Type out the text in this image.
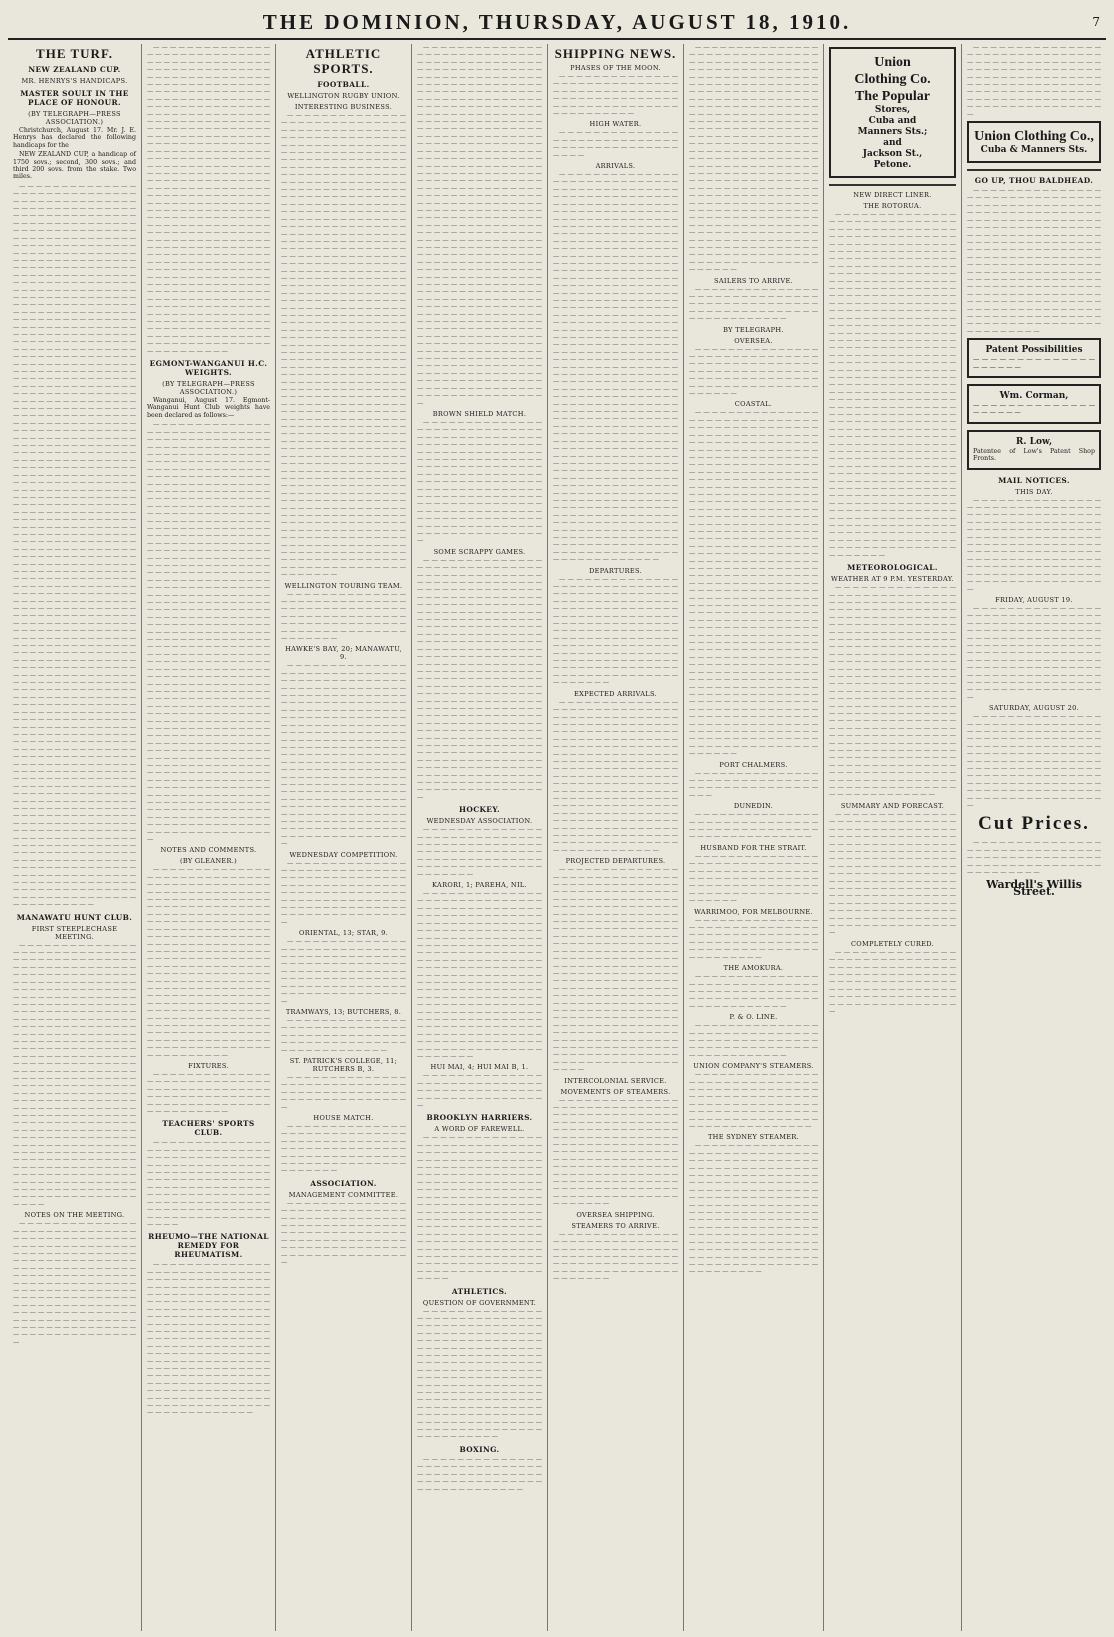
THE DOMINION, THURSDAY, AUGUST 18, 1910.	7
THE TURF.
NEW ZEALAND CUP.
MR. HENRYS'S HANDICAPS.
MASTER SOULT IN THE PLACE OF HONOUR.
(BY TELEGRAPH—PRESS ASSOCIATION.)
Christchurch, August 17. Mr. J. E. Henrys has declared the following handicaps for the
NEW ZEALAND CUP, a handicap of 1750 sovs.; second, 300 sovs.; and third 200 sovs. from the stake. Two miles.
— — — — — — — — — — — — — — — — — — — — — — — — — — — — — — — — — — — — — — — — — — — — — — — — — — — — — — — — — — — — — — — — — — — — — — — — — — — — — — — — — — — — — — — — — — — — — — — — — — — — — — — — — — — — — — — — — — — — — — — — — — — — — — — — — — — — — — — — — — — — — — — — — — — — — — — — — — — — — — — — — — — — — — — — — — — — — — — — — — — — — — — — — — — — — — — — — — — — — — — — — — — — — — — — — — — — — — — — — — — — — — — — — — — — — — — — — — — — — — — — — — — — — — — — — — — — — — — — — — — — — — — — — — — — — — — — — — — — — — — — — — — — — — — — — — — — — — — — — — — — — — — — — — — — — — — — — — — — — — — — — — — — — — — — — — — — — — — — — — — — — — — — — — — — — — — — — — — — — — — — — — — — — — — — — — — — — — — — — — — — — — — — — — — — — — — — — — — — — — — — — — — — — — — — — — — — — — — — — — — — — — — — — — — — — — — — — — — — — — — — — — — — — — — — — — — — — — — — — — — — — — — — — — — — — — — — — — — — — — — — — — — — — — — — — — — — — — — — — — — — — — — — — — — — — — — — — — — — — — — — — — — — — — — — — — — — — — — — — — — — — — — — — — — — — — — — — — — — — — — — — — — — — — — — — — — — — — — — — — — — — — — — — — — — — — — — — — — — — — — — — — — — — — — — — — — — — — — — — — — — — — — — — — — — — — — — — — — — — — — — — — — — — — — — — — — — — — — — — — — — — — — — — — — — — — — — — — — — — — — — — — — — — — — — — — — — — — — — — — — — — — — — — — — — — — — — — — — — — — — — — — — — — — — — — — — — — — — — — — — — — — — — — — — — — — — — — — — — — — — — — — — — — — — — — — — — — — — — — — — — — — — — — — — — — — — — — — — — — — — — — — — — — — — — — — — — — — — — — — — — — — — — — — — — — — — — — — — — — — — — — — — — — — — — — — — — — — — — — — — — — — — — — — — — — — — — — — — — — — — — — — — — — — — — — — — — — — — — — — — — — — — — — — — — — — — — — — — — — — — — — — — — — — — — — — — — — — — — — — — — — — — — — — — — — — — — — — — — — — — — — — — — — — — — — — — — — — — — — — — — — — — — — — — — — — — — — — — — — — — — — — — — — — — — — — — — — — — — — — — — — — — — — — — — — — — — — — — — — — — — — — — — — — — — — — — — — — — — — — — — — — — — — — — — — — — — — — — — — — — — — — — — — — — — — — — — — — — — — — — — — — — — — — — — — — — — — — — — — — — — — — — — — — — — — — — — — — — — — — — — — — — — — — — — — — — — — — — — — — — — — — — — — — — — — — — — — — — — — — — — — — — — — — — — — — — — — — — — — — — — — — — — — — — — — — — — — — — — — — — — — — — — — — — — — — — — — — — — — — — — — — — — — — — — — — — — — — — — — — — — — — — — — — — — — — — — — — — — — — — — — — — — — — — — — — — — — — — — — — — — — — — — — — — — — — — — — — — — — — — — — — — — — — — — — — — — — — — — — — — — — — — — — — — — — — — — — — — — — — — — — — — — — — — — — — — — — — — — — — — — — — — — — — — — — — — — — — — — — — — — — — — — — — — — — — — — — — — — — — — — — — — — — — — — — — — — — — — — — — — — — — — — — — — — — — — — — — — — — — — — — — — —
MANAWATU HUNT CLUB.
FIRST STEEPLECHASE MEETING.
— — — — — — — — — — — — — — — — — — — — — — — — — — — — — — — — — — — — — — — — — — — — — — — — — — — — — — — — — — — — — — — — — — — — — — — — — — — — — — — — — — — — — — — — — — — — — — — — — — — — — — — — — — — — — — — — — — — — — — — — — — — — — — — — — — — — — — — — — — — — — — — — — — — — — — — — — — — — — — — — — — — — — — — — — — — — — — — — — — — — — — — — — — — — — — — — — — — — — — — — — — — — — — — — — — — — — — — — — — — — — — — — — — — — — — — — — — — — — — — — — — — — — — — — — — — — — — — — — — — — — — — — — — — — — — — — — — — — — — — — — — — — — — — — — — — — — — — — — — — — — — — — — — — — — — — — — — — — — — — — — — — — — — — — — — — — — — — — — — — — — — — — — — — — — — — — — — — — — — — — — — — — — — — — — — — — — — — — — — — — — — — — — — — — — — — — — — — — — — — — — — — — — — — — — — — — — — — — — — — — — — — — — — — — — — — — — — — — — — — — — — — — — — — — — — — — — — — — — — — — — — — — — — — — — — — — — — — — — — — — — — — — — — — — — — — — — — — — — — — — — — — — — — — — — — — — — — — — — — — — — — — — — — — —
NOTES ON THE MEETING.
— — — — — — — — — — — — — — — — — — — — — — — — — — — — — — — — — — — — — — — — — — — — — — — — — — — — — — — — — — — — — — — — — — — — — — — — — — — — — — — — — — — — — — — — — — — — — — — — — — — — — — — — — — — — — — — — — — — — — — — — — — — — — — — — — — — — — — — — — — — — — — — — — — — — — — — — — — — — — — — — — — — — — — — — — — — — — — — — — — — — — — — — — — — — — — — — — — — — — — — — — — — — — — — — — — — — — — — — — — — — — — — — — — — — — — — — — — — — — — — —
— — — — — — — — — — — — — — — — — — — — — — — — — — — — — — — — — — — — — — — — — — — — — — — — — — — — — — — — — — — — — — — — — — — — — — — — — — — — — — — — — — — — — — — — — — — — — — — — — — — — — — — — — — — — — — — — — — — — — — — — — — — — — — — — — — — — — — — — — — — — — — — — — — — — — — — — — — — — — — — — — — — — — — — — — — — — — — — — — — — — — — — — — — — — — — — — — — — — — — — — — — — — — — — — — — — — — — — — — — — — — — — — — — — — — — — — — — — — — — — — — — — — — — — — — — — — — — — — — — — — — — — — — — — — — — — — — — — — — — — — — — — — — — — — — — — — — — — — — — — — — — — — — — — — — — — — — — — — — — — — — — — — — — — — — — — — — — — — — — — — — — — — — — — — — — — — — — — — — — — — — — — — — — — — — — — — — — — — — — — — — — — — — — — — — — — — — — — — — — — — — — — — — — — — — — — — — — — — — — — — — — — — — — — — — — — — — — — — — — — — — — — — — — — — — — — — — — — — — — — — — — — — — — — — — — — — — — — — — — — — — — — — — — — — — — — — — — — — — — — — — — — — — — — — — — — — — — — — — — — — — — — — — — — — — — — — — — — — — — — — — — — — — — — — — — — — — — — — — — — — — — — — — — — — — — — — — — — — — — — — — — — — — — — — — — — — — — — — — — — — — — — — — — — — — — — — — — — — — — — — — — — —
EGMONT-WANGANUI H.C. WEIGHTS.
(BY TELEGRAPH—PRESS ASSOCIATION.)
Wanganui, August 17. Egmont-Wanganui Hunt Club weights have been declared as follows:—
— — — — — — — — — — — — — — — — — — — — — — — — — — — — — — — — — — — — — — — — — — — — — — — — — — — — — — — — — — — — — — — — — — — — — — — — — — — — — — — — — — — — — — — — — — — — — — — — — — — — — — — — — — — — — — — — — — — — — — — — — — — — — — — — — — — — — — — — — — — — — — — — — — — — — — — — — — — — — — — — — — — — — — — — — — — — — — — — — — — — — — — — — — — — — — — — — — — — — — — — — — — — — — — — — — — — — — — — — — — — — — — — — — — — — — — — — — — — — — — — — — — — — — — — — — — — — — — — — — — — — — — — — — — — — — — — — — — — — — — — — — — — — — — — — — — — — — — — — — — — — — — — — — — — — — — — — — — — — — — — — — — — — — — — — — — — — — — — — — — — — — — — — — — — — — — — — — — — — — — — — — — — — — — — — — — — — — — — — — — — — — — — — — — — — — — — — — — — — — — — — — — — — — — — — — — — — — — — — — — — — — — — — — — — — — — — — — — — — — — — — — — — — — — — — — — — — — — — — — — — — — — — — — — — — — — — — — — — — — — — — — — — — — — — — — — — — — — — — — — — — — — — — — — — — — — — — — — — — — — — — — — — — — — — — — — — — — — — — — — — — — — — — — — — — — — — — — — — — — — — — — — — — — — — — — — — — — — — — — — — — — — — — — — — — — — — — — — — — — — — — — — — — — — — — — — — — — — — — — — — — — — — — — — — — — — — — — — — — — — — — — — — — — — — — — — — — — — — — — — — — — — — — — — — — — — — — — — — — — — — — — — — — — — — — — — — — — — — — — — — — — — — — — — — — — — — — — — — — — — — — — — — — — — — — — — — — — — — — — — — — — — — — — — — — — — — — — — — — — — — — — — — — — — — — — — — — — — — — — — — — — — — — — — — — — — — — — — — — — — — — — — — — — — — — — — — — — — — — — — — — — — — — — — — — — — — — — — — — — — —
NOTES AND COMMENTS.
(BY GLEANER.)
— — — — — — — — — — — — — — — — — — — — — — — — — — — — — — — — — — — — — — — — — — — — — — — — — — — — — — — — — — — — — — — — — — — — — — — — — — — — — — — — — — — — — — — — — — — — — — — — — — — — — — — — — — — — — — — — — — — — — — — — — — — — — — — — — — — — — — — — — — — — — — — — — — — — — — — — — — — — — — — — — — — — — — — — — — — — — — — — — — — — — — — — — — — — — — — — — — — — — — — — — — — — — — — — — — — — — — — — — — — — — — — — — — — — — — — — — — — — — — — — — — — — — — — — — — — — — — — — — — — — — — — — — — — — — — — — — — — — — — — — — — — — — — — — — — — — — — — — — — — — — — — — — — — — — — — — — — — — — — — — — — — — — — — — — — — — — — — — — — — — — — — — — — — — — — — — — — — — — — — — — — — — — — — — — — — — — — — — — — — — — — — —
FIXTURES.
— — — — — — — — — — — — — — — — — — — — — — — — — — — — — — — — — — — — — — — — — — — — — — — — — — — — — — — — — — — — — — — — — — — — — — — — — — — — — — — — — — — —
TEACHERS' SPORTS CLUB.
— — — — — — — — — — — — — — — — — — — — — — — — — — — — — — — — — — — — — — — — — — — — — — — — — — — — — — — — — — — — — — — — — — — — — — — — — — — — — — — — — — — — — — — — — — — — — — — — — — — — — — — — — — — — — — — — — — — — — — — — — — — — — — — — — — — — — — — — — — — — — — — — — — — — — — — — — — — — — — — — — — — — — — — —
RHEUMO—THE NATIONAL REMEDY FOR RHEUMATISM.
— — — — — — — — — — — — — — — — — — — — — — — — — — — — — — — — — — — — — — — — — — — — — — — — — — — — — — — — — — — — — — — — — — — — — — — — — — — — — — — — — — — — — — — — — — — — — — — — — — — — — — — — — — — — — — — — — — — — — — — — — — — — — — — — — — — — — — — — — — — — — — — — — — — — — — — — — — — — — — — — — — — — — — — — — — — — — — — — — — — — — — — — — — — — — — — — — — — — — — — — — — — — — — — — — — — — — — — — — — — — — — — — — — — — — — — — — — — — — — — — — — — — — — — — — — — — — — — — — — — — — — — — — — — — — — — — — — — — — — — — — — — — — — — — — — — — — — — — — — — — — — — — — — — — — — — —
ATHLETIC SPORTS.
FOOTBALL.
WELLINGTON RUGBY UNION.
INTERESTING BUSINESS.
— — — — — — — — — — — — — — — — — — — — — — — — — — — — — — — — — — — — — — — — — — — — — — — — — — — — — — — — — — — — — — — — — — — — — — — — — — — — — — — — — — — — — — — — — — — — — — — — — — — — — — — — — — — — — — — — — — — — — — — — — — — — — — — — — — — — — — — — — — — — — — — — — — — — — — — — — — — — — — — — — — — — — — — — — — — — — — — — — — — — — — — — — — — — — — — — — — — — — — — — — — — — — — — — — — — — — — — — — — — — — — — — — — — — — — — — — — — — — — — — — — — — — — — — — — — — — — — — — — — — — — — — — — — — — — — — — — — — — — — — — — — — — — — — — — — — — — — — — — — — — — — — — — — — — — — — — — — — — — — — — — — — — — — — — — — — — — — — — — — — — — — — — — — — — — — — — — — — — — — — — — — — — — — — — — — — — — — — — — — — — — — — — — — — — — — — — — — — — — — — — — — — — — — — — — — — — — — — — — — — — — — — — — — — — — — — — — — — — — — — — — — — — — — — — — — — — — — — — — — — — — — — — — — — — — — — — — — — — — — — — — — — — — — — — — — — — — — — — — — — — — — — — — — — — — — — — — — — — — — — — — — — — — — — — — — — — — — — — — — — — — — — — — — — — — — — — — — — — — — — — — — — — — — — — — — — — — — — — — — — — — — — — — — — — — — — — — — — — — — — — — — — — — — — — — — — — — — — — — — — — — — — — — — — — — — — — — — — — — — — — — — — — — — — — — — — — — — — — — — — — — — — — — — — — — — — — — — — — — — — — — — — — — — — — — — — — — — — — — — — — — — — — — — — — — — — — — — — — — — — — — — — — — — — — — — — — — — — — — — — — — — — — — — — — — — — — — — — — — — — — — — — — — — — — — — — — — — — — — — — — — — — — — — — — — — — — — — — — — — — — — — — — — — — — — — — — — — — — — — — — — — — — — — — — — — — — — — — — — — — — — — — — — — — — — — — — — — — — — — — — — — — — — — — — — — — — — — — — — — — — — — — — — — — — — — — — — — — — — — — — — — — — — — — — — — — — — — — — — — — — — — — — — — — — — — — — — — —
WELLINGTON TOURING TEAM.
— — — — — — — — — — — — — — — — — — — — — — — — — — — — — — — — — — — — — — — — — — — — — — — — — — — — — — — — — — — — — — — — — — — — — — — — — — — — — — — — — — — — — — — — — — — — — — — —
HAWKE'S BAY, 20; MANAWATU, 9.
— — — — — — — — — — — — — — — — — — — — — — — — — — — — — — — — — — — — — — — — — — — — — — — — — — — — — — — — — — — — — — — — — — — — — — — — — — — — — — — — — — — — — — — — — — — — — — — — — — — — — — — — — — — — — — — — — — — — — — — — — — — — — — — — — — — — — — — — — — — — — — — — — — — — — — — — — — — — — — — — — — — — — — — — — — — — — — — — — — — — — — — — — — — — — — — — — — — — — — — — — — — — — — — — — — — — — — — — — — — — — — — — — — — — — — — — — — — — — — — — — — — — — — — — — — — — — — — — — — — — — — — — — — — — — — — — — — — — — — — — — — — — — — — — — — — — — — — — — — — — — — — — — — — — — — — — — — — — — — — — — — — — — — — — — — — — — — — — — — — — — — — — — — — — — — — — — — — — — — — —
WEDNESDAY COMPETITION.
— — — — — — — — — — — — — — — — — — — — — — — — — — — — — — — — — — — — — — — — — — — — — — — — — — — — — — — — — — — — — — — — — — — — — — — — — — — — — — — — — — — — — — — — — — — — — — — — — — — — — — — — — — — — — — — — — — — — — — — —
ORIENTAL, 13; STAR, 9.
— — — — — — — — — — — — — — — — — — — — — — — — — — — — — — — — — — — — — — — — — — — — — — — — — — — — — — — — — — — — — — — — — — — — — — — — — — — — — — — — — — — — — — — — — — — — — — — — — — — — — — — — — — — — — — — — — — — — — — — —
TRAMWAYS, 13; BUTCHERS, 8.
— — — — — — — — — — — — — — — — — — — — — — — — — — — — — — — — — — — — — — — — — — — — — — — — — — — — — — — — — — — — — — — — — — — — — — — —
ST. PATRICK'S COLLEGE, 11; RUTCHERS B, 3.
— — — — — — — — — — — — — — — — — — — — — — — — — — — — — — — — — — — — — — — — — — — — — — — — — — — — — — — — — — — —
HOUSE MATCH.
— — — — — — — — — — — — — — — — — — — — — — — — — — — — — — — — — — — — — — — — — — — — — — — — — — — — — — — — — — — — — — — — — — — — — — — — — — — — — — — — — — — — — — — — — — — — — — — —
ASSOCIATION.
MANAGEMENT COMMITTEE.
— — — — — — — — — — — — — — — — — — — — — — — — — — — — — — — — — — — — — — — — — — — — — — — — — — — — — — — — — — — — — — — — — — — — — — — — — — — — — — — — — — — — — — — — — — — — — — — — — — — — — — — — — — — — — — — — — — — — — — — —
— — — — — — — — — — — — — — — — — — — — — — — — — — — — — — — — — — — — — — — — — — — — — — — — — — — — — — — — — — — — — — — — — — — — — — — — — — — — — — — — — — — — — — — — — — — — — — — — — — — — — — — — — — — — — — — — — — — — — — — — — — — — — — — — — — — — — — — — — — — — — — — — — — — — — — — — — — — — — — — — — — — — — — — — — — — — — — — — — — — — — — — — — — — — — — — — — — — — — — — — — — — — — — — — — — — — — — — — — — — — — — — — — — — — — — — — — — — — — — — — — — — — — — — — — — — — — — — — — — — — — — — — — — — — — — — — — — — — — — — — — — — — — — — — — — — — — — — — — — — — — — — — — — — — — — — — — — — — — — — — — — — — — — — — — — — — — — — — — — — — — — — — — — — — — — — — — — — — — — — — — — — — — — — — — — — — — — — — — — — — — — — — — — — — — — — — — — — — — — — — — — — — — — — — — — — — — — — — — — — — — — — — — — — — — — — — — — — — — — — — — — — — — — — — — — — — — — — — — — — — — — — — — — — — — — — — — — — — — — — — — — — — — — — — — — — — — — — — — — — — — — — — — — — — — — — — — — — — — — — — — — — — — — — — — — — — — — — — — — — — — — — — — — — — — — — — — — — — — — — — — — — — — — — — — — — — — — — — — — — — — — — — — — — — — — — — — — — — — — — — — — — — — — — — — — — — — — — — — — — — — — — — — — — — — — — — — — — — — — — — — — — — — — — — — — — — — — — — — — — — — — — — — — — — — — — — — — — — — — — — — — — — — — — — — — — — — — — — — — — — — — — — — — — — — — — — — — — — — — — —
BROWN SHIELD MATCH.
— — — — — — — — — — — — — — — — — — — — — — — — — — — — — — — — — — — — — — — — — — — — — — — — — — — — — — — — — — — — — — — — — — — — — — — — — — — — — — — — — — — — — — — — — — — — — — — — — — — — — — — — — — — — — — — — — — — — — — — — — — — — — — — — — — — — — — — — — — — — — — — — — — — — — — — — — — — — — — — — — — — — — — — — — — — — — — — — — — — — — — — — — — — — — — — — — — — — — — — — — — — — — — — — — — — — — — — — — — — — — — — — — — — — — — — — — — — — — — — —
SOME SCRAPPY GAMES.
— — — — — — — — — — — — — — — — — — — — — — — — — — — — — — — — — — — — — — — — — — — — — — — — — — — — — — — — — — — — — — — — — — — — — — — — — — — — — — — — — — — — — — — — — — — — — — — — — — — — — — — — — — — — — — — — — — — — — — — — — — — — — — — — — — — — — — — — — — — — — — — — — — — — — — — — — — — — — — — — — — — — — — — — — — — — — — — — — — — — — — — — — — — — — — — — — — — — — — — — — — — — — — — — — — — — — — — — — — — — — — — — — — — — — — — — — — — — — — — — — — — — — — — — — — — — — — — — — — — — — — — — — — — — — — — — — — — — — — — — — — — — — — — — — — — — — — — — — — — — — — — — — — — — — — — — — — — — — — — — — — — — — — — — — — — — — — — — — — — — — — — — — — — — — — — — — — — — — — — — — — — — — — — — — — — — — — — — — — — — — — — — — — — — — — — — — — — — — — — — — — — — — — — — — — — — — — — — — — — — — — — — — — — — — — — — — — — — — — — — — — — — — — — — — — — — — — — — — — — — — — — — — — — — — — — — — — — — — — — —
HOCKEY.
WEDNESDAY ASSOCIATION.
— — — — — — — — — — — — — — — — — — — — — — — — — — — — — — — — — — — — — — — — — — — — — — — — — — — — — — — — — — — — — — — — — — — — — — — — — — — — — — — — — — — — — — — — — — — — — — — —
KARORI, 1; PAREHA, NIL.
— — — — — — — — — — — — — — — — — — — — — — — — — — — — — — — — — — — — — — — — — — — — — — — — — — — — — — — — — — — — — — — — — — — — — — — — — — — — — — — — — — — — — — — — — — — — — — — — — — — — — — — — — — — — — — — — — — — — — — — — — — — — — — — — — — — — — — — — — — — — — — — — — — — — — — — — — — — — — — — — — — — — — — — — — — — — — — — — — — — — — — — — — — — — — — — — — — — — — — — — — — — — — — — — — — — — — — — — — — — — — — — — — — — — — — — — — — — — — — — — — — — — — — — — — — — — — — — — — — — — — — — — — — — — — — — — — — — — — — — — — — — — — — — — — — — — — — — — — — — — — — — — — — — — — — — — — — — — — — — — — — — — — — — — — — — — — — — —
HUI MAI, 4; HUI MAI B, 1.
— — — — — — — — — — — — — — — — — — — — — — — — — — — — — — — — — — — — — — — — — — — — — — — — — — — — — — — — — — — —
BROOKLYN HARRIERS.
A WORD OF FAREWELL.
— — — — — — — — — — — — — — — — — — — — — — — — — — — — — — — — — — — — — — — — — — — — — — — — — — — — — — — — — — — — — — — — — — — — — — — — — — — — — — — — — — — — — — — — — — — — — — — — — — — — — — — — — — — — — — — — — — — — — — — — — — — — — — — — — — — — — — — — — — — — — — — — — — — — — — — — — — — — — — — — — — — — — — — — — — — — — — — — — — — — — — — — — — — — — — — — — — — — — — — — — — — — — — — — — — — — — — — — — — — — — — — — — — — — — — — — — — — — — — — — — — — — — — — — — — — — — — — — — — — — — — — — — — — — — — — — — — — — — — — — — — — — — — — —
ATHLETICS.
QUESTION OF GOVERNMENT.
— — — — — — — — — — — — — — — — — — — — — — — — — — — — — — — — — — — — — — — — — — — — — — — — — — — — — — — — — — — — — — — — — — — — — — — — — — — — — — — — — — — — — — — — — — — — — — — — — — — — — — — — — — — — — — — — — — — — — — — — — — — — — — — — — — — — — — — — — — — — — — — — — — — — — — — — — — — — — — — — — — — — — — — — — — — — — — — — — — — — — — — — — — — — — — — — — — — — — — — — — — — — — — — — — — — — — — — — — — — — — — — — — — — — — — — — — — — — — — — — — — — — — — — — — — — — — — — — — — — — — — — —
BOXING.
— — — — — — — — — — — — — — — — — — — — — — — — — — — — — — — — — — — — — — — — — — — — — — — — — — — — — — — — — — — — — — — — — — — — — — — —
SHIPPING NEWS.
PHASES OF THE MOON.
— — — — — — — — — — — — — — — — — — — — — — — — — — — — — — — — — — — — — — — — — — — — — — — — — — — — — — — — — — — — — — — — — — — — — — — — — — — — — — — — — — — —
HIGH WATER.
— — — — — — — — — — — — — — — — — — — — — — — — — — — — — — — — — — — — — — — — — — — — — — — —
ARRIVALS.
— — — — — — — — — — — — — — — — — — — — — — — — — — — — — — — — — — — — — — — — — — — — — — — — — — — — — — — — — — — — — — — — — — — — — — — — — — — — — — — — — — — — — — — — — — — — — — — — — — — — — — — — — — — — — — — — — — — — — — — — — — — — — — — — — — — — — — — — — — — — — — — — — — — — — — — — — — — — — — — — — — — — — — — — — — — — — — — — — — — — — — — — — — — — — — — — — — — — — — — — — — — — — — — — — — — — — — — — — — — — — — — — — — — — — — — — — — — — — — — — — — — — — — — — — — — — — — — — — — — — — — — — — — — — — — — — — — — — — — — — — — — — — — — — — — — — — — — — — — — — — — — — — — — — — — — — — — — — — — — — — — — — — — — — — — — — — — — — — — — — — — — — — — — — — — — — — — — — — — — — — — — — — — — — — — — — — — — — — — — — — — — — — — — — — — — — — — — — — — — — — — — — — — — — — — — — — — — — — — — — — — — — — — — — — — — — — — — — — — — — — — — — — — — — — — — — — — — — — — — — — — — — — — — — — — — — — — — — — — — — — — — — — — — — — — — — — — — — — — — — — — — — — — — — — — — — — — — — — — — — — — — — — — — — — — — — — — — — — — — — — — — — — — — — — — — — — — — — — — — — — — — — — — — — — — — — — — — — — — — — — — — — — — — — — — — — — — — — — — — — — — — — — — — — — — — — — — — — — — — — — — — — — — — — — — — — — — — — — — — — — — — — — — — — — — — — — — — — — — — — — — — — — — — — — — — — — — — — — — — — — — — — — — — — — — — — — — — — — — — — — — — — — — — — — — — — — — — — — — — — — — — — — — — — — — — — — — — — — — — — — — — — — — — — — — — — — — — — — — — — — — — — — — — — — — — — — — — — — — — — — — — — — — — — — — — —
DEPARTURES.
— — — — — — — — — — — — — — — — — — — — — — — — — — — — — — — — — — — — — — — — — — — — — — — — — — — — — — — — — — — — — — — — — — — — — — — — — — — — — — — — — — — — — — — — — — — — — — — — — — — — — — — — — — — — — — — — — — — — — — — — — — — — — — — — — — — — — — — — — — — — — — — — — — — — — — — — — — — — — — — — — — — — — — — — — — — — — — — — — — — — — — — — — — — — — — — — — — — — — — — — — — — — — — — — — — — — — — — —
EXPECTED ARRIVALS.
— — — — — — — — — — — — — — — — — — — — — — — — — — — — — — — — — — — — — — — — — — — — — — — — — — — — — — — — — — — — — — — — — — — — — — — — — — — — — — — — — — — — — — — — — — — — — — — — — — — — — — — — — — — — — — — — — — — — — — — — — — — — — — — — — — — — — — — — — — — — — — — — — — — — — — — — — — — — — — — — — — — — — — — — — — — — — — — — — — — — — — — — — — — — — — — — — — — — — — — — — — — — — — — — — — — — — — — — — — — — — — — — — — — — — — — — — — — — — — — — — — — — — — — — — — — — — — — — — — — — — — — — — — — — — — — — — — — — — — — — — — — — — — — — — — — — — — — — — — — — — — — — — — — — — — — —
PROJECTED DEPARTURES.
— — — — — — — — — — — — — — — — — — — — — — — — — — — — — — — — — — — — — — — — — — — — — — — — — — — — — — — — — — — — — — — — — — — — — — — — — — — — — — — — — — — — — — — — — — — — — — — — — — — — — — — — — — — — — — — — — — — — — — — — — — — — — — — — — — — — — — — — — — — — — — — — — — — — — — — — — — — — — — — — — — — — — — — — — — — — — — — — — — — — — — — — — — — — — — — — — — — — — — — — — — — — — — — — — — — — — — — — — — — — — — — — — — — — — — — — — — — — — — — — — — — — — — — — — — — — — — — — — — — — — — — — — — — — — — — — — — — — — — — — — — — — — — — — — — — — — — — — — — — — — — — — — — — — — — — — — — — — — — — — — — — — — — — — — — — — — — — — — — — — — — — — — — — — — — — — — — — — — — — — — — — — — — — — — — — — — — — — — — — — — — — — — — — — — — — — — — — — — — — — — — — — — — — —
INTERCOLONIAL SERVICE.
MOVEMENTS OF STEAMERS.
— — — — — — — — — — — — — — — — — — — — — — — — — — — — — — — — — — — — — — — — — — — — — — — — — — — — — — — — — — — — — — — — — — — — — — — — — — — — — — — — — — — — — — — — — — — — — — — — — — — — — — — — — — — — — — — — — — — — — — — — — — — — — — — — — — — — — — — — — — — — — — — — — — — — — — — — — — — — — — — — — — — — — — — — — — — — — — — — — — — — — — — — — — — — — — — — — — — — — — — — — — — — — — — — — — — — — — — —
OVERSEA SHIPPING.
STEAMERS TO ARRIVE.
— — — — — — — — — — — — — — — — — — — — — — — — — — — — — — — — — — — — — — — — — — — — — — — — — — — — — — — — — — — — — — — — — — — — — — — — — — — — — — — — — — — — — — — — — — — — — — — —
— — — — — — — — — — — — — — — — — — — — — — — — — — — — — — — — — — — — — — — — — — — — — — — — — — — — — — — — — — — — — — — — — — — — — — — — — — — — — — — — — — — — — — — — — — — — — — — — — — — — — — — — — — — — — — — — — — — — — — — — — — — — — — — — — — — — — — — — — — — — — — — — — — — — — — — — — — — — — — — — — — — — — — — — — — — — — — — — — — — — — — — — — — — — — — — — — — — — — — — — — — — — — — — — — — — — — — — — — — — — — — — — — — — — — — — — — — — — — — — — — — — — — — — — — — — — — — — — — — — — — — — — — — — — — — — — — — — — — — — — — — — — — — — — — — — — — — — — — — — — — — — — — — — — — — — — — — — — — — — — — — — — — — — — — — — — — — — — — — — — — — — — — — — — — — — — — — — — — — — — — — — — — — — — — — — — — — — — — — — — — — — — — — — — — — — — — — — — — — — — — — — — — — — — — — — — — — — — — — — — — — — — — — — — — — — — — — — — — — — — — — — — — — — — — — — — — — — —
SAILERS TO ARRIVE.
— — — — — — — — — — — — — — — — — — — — — — — — — — — — — — — — — — — — — — — — — — — — — — — — — — — — — — — — — — — — — — — — — — — — — — — —
BY TELEGRAPH.
OVERSEA.
— — — — — — — — — — — — — — — — — — — — — — — — — — — — — — — — — — — — — — — — — — — — — — — — — — — — — — — — — — — — — — — — — — — — — — — — — — — — — — — — — — — — — — — — — — — — — — — —
COASTAL.
— — — — — — — — — — — — — — — — — — — — — — — — — — — — — — — — — — — — — — — — — — — — — — — — — — — — — — — — — — — — — — — — — — — — — — — — — — — — — — — — — — — — — — — — — — — — — — — — — — — — — — — — — — — — — — — — — — — — — — — — — — — — — — — — — — — — — — — — — — — — — — — — — — — — — — — — — — — — — — — — — — — — — — — — — — — — — — — — — — — — — — — — — — — — — — — — — — — — — — — — — — — — — — — — — — — — — — — — — — — — — — — — — — — — — — — — — — — — — — — — — — — — — — — — — — — — — — — — — — — — — — — — — — — — — — — — — — — — — — — — — — — — — — — — — — — — — — — — — — — — — — — — — — — — — — — — — — — — — — — — — — — — — — — — — — — — — — — — — — — — — — — — — — — — — — — — — — — — — — — — — — — — — — — — — — — — — — — — — — — — — — — — — — — — — — — — — — — — — — — — — — — — — — — — — — — — — — — — — — — — — — — — — — — — — — — — — — — — — — — — — — — — — — — — — — — — — — — — — — — — — — — — — — — — — — — — — — — — — — — — — — — — — — — — — — — — — — — — — — — — — — — — — — — — — — — — — — — — — — — — — — — — — — — — — — — — — — — — — — — — — — — — — — — — — — — — — — — — — — — — — — — — — — — — — — — — — — — — — — — — — — — — — — — — — — — — — — — — — — — — — — — — — — — — — — — — — — — — — — — — — — — — — — — — — — — — — — — — — — — — — — — — — — — — — — — — — — — — — — — — — — — — — — — — — — — — — — — — — — — — — — — — — — — — — — — — — — — —
PORT CHALMERS.
— — — — — — — — — — — — — — — — — — — — — — — — — — — — — — — — — — — — — — — — — — — — — — — —
DUNEDIN.
— — — — — — — — — — — — — — — — — — — — — — — — — — — — — — — — — — — — — — — — — — — — — — — — — — — — — — — — — — — —
HUSBAND FOR THE STRAIT.
— — — — — — — — — — — — — — — — — — — — — — — — — — — — — — — — — — — — — — — — — — — — — — — — — — — — — — — — — — — — — — — — — — — — — — — — — — — — — — — — — — — — — — — — — — — — — — — —
WARRIMOO, FOR MELBOURNE.
— — — — — — — — — — — — — — — — — — — — — — — — — — — — — — — — — — — — — — — — — — — — — — — — — — — — — — — — — — — — — — — — — — — — — — — — — — — — — — — — — — — —
THE AMOKURA.
— — — — — — — — — — — — — — — — — — — — — — — — — — — — — — — — — — — — — — — — — — — — — — — — — — — — — — — — — — — — — — — — — — — — — — — —
P. & O. LINE.
— — — — — — — — — — — — — — — — — — — — — — — — — — — — — — — — — — — — — — — — — — — — — — — — — — — — — — — — — — — — — — — — — — — — — — — —
UNION COMPANY'S STEAMERS.
— — — — — — — — — — — — — — — — — — — — — — — — — — — — — — — — — — — — — — — — — — — — — — — — — — — — — — — — — — — — — — — — — — — — — — — — — — — — — — — — — — — — — — — — — — — — — — — — — — — — — — — — — — — — — — — — — — — — — — — —
THE SYDNEY STEAMER.
— — — — — — — — — — — — — — — — — — — — — — — — — — — — — — — — — — — — — — — — — — — — — — — — — — — — — — — — — — — — — — — — — — — — — — — — — — — — — — — — — — — — — — — — — — — — — — — — — — — — — — — — — — — — — — — — — — — — — — — — — — — — — — — — — — — — — — — — — — — — — — — — — — — — — — — — — — — — — — — — — — — — — — — — — — — — — — — — — — — — — — — — — — — — — — — — — — — — — — — — — — — — — — — — — — — — — — — — — — — — — — — — — — — — — — — — — — — — — — — — — — — — — — — — — — — — — — — — — — — — — — — —
Union
Clothing Co.
The Popular
Stores,
Cuba and
Manners Sts.;
and
Jackson St.,
Petone.
NEW DIRECT LINER.
THE ROTORUA.
— — — — — — — — — — — — — — — — — — — — — — — — — — — — — — — — — — — — — — — — — — — — — — — — — — — — — — — — — — — — — — — — — — — — — — — — — — — — — — — — — — — — — — — — — — — — — — — — — — — — — — — — — — — — — — — — — — — — — — — — — — — — — — — — — — — — — — — — — — — — — — — — — — — — — — — — — — — — — — — — — — — — — — — — — — — — — — — — — — — — — — — — — — — — — — — — — — — — — — — — — — — — — — — — — — — — — — — — — — — — — — — — — — — — — — — — — — — — — — — — — — — — — — — — — — — — — — — — — — — — — — — — — — — — — — — — — — — — — — — — — — — — — — — — — — — — — — — — — — — — — — — — — — — — — — — — — — — — — — — — — — — — — — — — — — — — — — — — — — — — — — — — — — — — — — — — — — — — — — — — — — — — — — — — — — — — — — — — — — — — — — — — — — — — — — — — — — — — — — — — — — — — — — — — — — — — — — — — — — — — — — — — — — — — — — — — — — — — — — — — — — — — — — — — — — — — — — — — — — — — — — — — — — — — — — — — — — — — — — — — — — — — — — — — — — — — — — — — — — — — — — — — — — — — — — — — — — — — — — — — — — — — — — — — — — — — — — — — — — — — — — — — — — — — — — — — — — — — — — — — — — — — — — — — — — — — — — — — — — — — — — — — — — — — — — — — — — — — — — — — — — — — — — — — — — — — — — — — — — — — — — — — — — — — — — — — — — — — — — — — — — — — — — — — — — — — — — — — — — — — — — — — — — — — — — — — — — — — — — — — — — — — — — — — — — — — — — — —
METEOROLOGICAL.
WEATHER AT 9 P.M. YESTERDAY.
— — — — — — — — — — — — — — — — — — — — — — — — — — — — — — — — — — — — — — — — — — — — — — — — — — — — — — — — — — — — — — — — — — — — — — — — — — — — — — — — — — — — — — — — — — — — — — — — — — — — — — — — — — — — — — — — — — — — — — — — — — — — — — — — — — — — — — — — — — — — — — — — — — — — — — — — — — — — — — — — — — — — — — — — — — — — — — — — — — — — — — — — — — — — — — — — — — — — — — — — — — — — — — — — — — — — — — — — — — — — — — — — — — — — — — — — — — — — — — — — — — — — — — — — — — — — — — — — — — — — — — — — — — — — — — — — — — — — — — — — — — — — — — — — — — — — — — — — — — — — — — — — — — — — — — — — — — — — — — — — — — — — — — — — — — — — — — — — — — — — — — — — — — — — — — — — — — — — — — — — — — — — — — — — — — — — — — — — — — — — — — — — — — — — — — — — — — — — — — — — — — — — — — — — — — — — — — — — — — — — — — — — — — — — — — — —
SUMMARY AND FORECAST.
— — — — — — — — — — — — — — — — — — — — — — — — — — — — — — — — — — — — — — — — — — — — — — — — — — — — — — — — — — — — — — — — — — — — — — — — — — — — — — — — — — — — — — — — — — — — — — — — — — — — — — — — — — — — — — — — — — — — — — — — — — — — — — — — — — — — — — — — — — — — — — — — — — — — — — — — — — — — — — — — — — — — — — — — — — — — — — — — — — — — — — — — — — — — — — — — — — — — — — — — — — — — — — — — — — — — — — — — — — — — — — — — — — — — — — — — — — — — — — — —
COMPLETELY CURED.
— — — — — — — — — — — — — — — — — — — — — — — — — — — — — — — — — — — — — — — — — — — — — — — — — — — — — — — — — — — — — — — — — — — — — — — — — — — — — — — — — — — — — — — — — — — — — — — — — — — — — — — — — — — — — — — — — — — — — — — —
— — — — — — — — — — — — — — — — — — — — — — — — — — — — — — — — — — — — — — — — — — — — — — — — — — — — — — — — — — — — — — — — — — — — — — — — — — — — — — — — — — — — — — — — — — — — — — — — — — — — — — — — — — — — — — — — — — — — — — — — — — — — — — — — — — — — — — — — — — — — — — — —
Union Clothing Co.,
Cuba & Manners Sts.
GO UP, THOU BALDHEAD.
— — — — — — — — — — — — — — — — — — — — — — — — — — — — — — — — — — — — — — — — — — — — — — — — — — — — — — — — — — — — — — — — — — — — — — — — — — — — — — — — — — — — — — — — — — — — — — — — — — — — — — — — — — — — — — — — — — — — — — — — — — — — — — — — — — — — — — — — — — — — — — — — — — — — — — — — — — — — — — — — — — — — — — — — — — — — — — — — — — — — — — — — — — — — — — — — — — — — — — — — — — — — — — — — — — — — — — — — — — — — — — — — — — — — — — — — — — — — — — — — — — — — — — — — — — — — — — — — — — — — — — — — — — — — — — — — — — — — — — — — — — — — — — — — — — — — — — — — — — — — — — — — — — — — — — — —
Patent Possibilities
— — — — — — — — — — — — — — — — — — — —
Wm. Corman,
— — — — — — — — — — — — — — — — — — — —
R. Low,
Patentee of Low's Patent Shop Fronts.
MAIL NOTICES.
THIS DAY.
— — — — — — — — — — — — — — — — — — — — — — — — — — — — — — — — — — — — — — — — — — — — — — — — — — — — — — — — — — — — — — — — — — — — — — — — — — — — — — — — — — — — — — — — — — — — — — — — — — — — — — — — — — — — — — — — — — — — — — — — — — — — — — — — — — — — — — — — — — — — — — — — — — — — — — — — — — — — — — — — — — — — — — — — — — — — — — — — — — — — — — — — — — — — — — — —
FRIDAY, AUGUST 19.
— — — — — — — — — — — — — — — — — — — — — — — — — — — — — — — — — — — — — — — — — — — — — — — — — — — — — — — — — — — — — — — — — — — — — — — — — — — — — — — — — — — — — — — — — — — — — — — — — — — — — — — — — — — — — — — — — — — — — — — — — — — — — — — — — — — — — — — — — — — — — — — — — — — — — — — — — — — — — — — — — — — — — — — — — — — — — — — — — — — — — — — — — — — — — — — —
SATURDAY, AUGUST 20.
— — — — — — — — — — — — — — — — — — — — — — — — — — — — — — — — — — — — — — — — — — — — — — — — — — — — — — — — — — — — — — — — — — — — — — — — — — — — — — — — — — — — — — — — — — — — — — — — — — — — — — — — — — — — — — — — — — — — — — — — — — — — — — — — — — — — — — — — — — — — — — — — — — — — — — — — — — — — — — — — — — — — — — — — — — — — — — — — — — — — — — — — — — — — — — — —
Cut Prices.
— — — — — — — — — — — — — — — — — — — — — — — — — — — — — — — — — — — — — — — — — — — — — — — — — — — — — — — — — — — — — — — — — — — — — — — —
Wardell's Willis Street.
